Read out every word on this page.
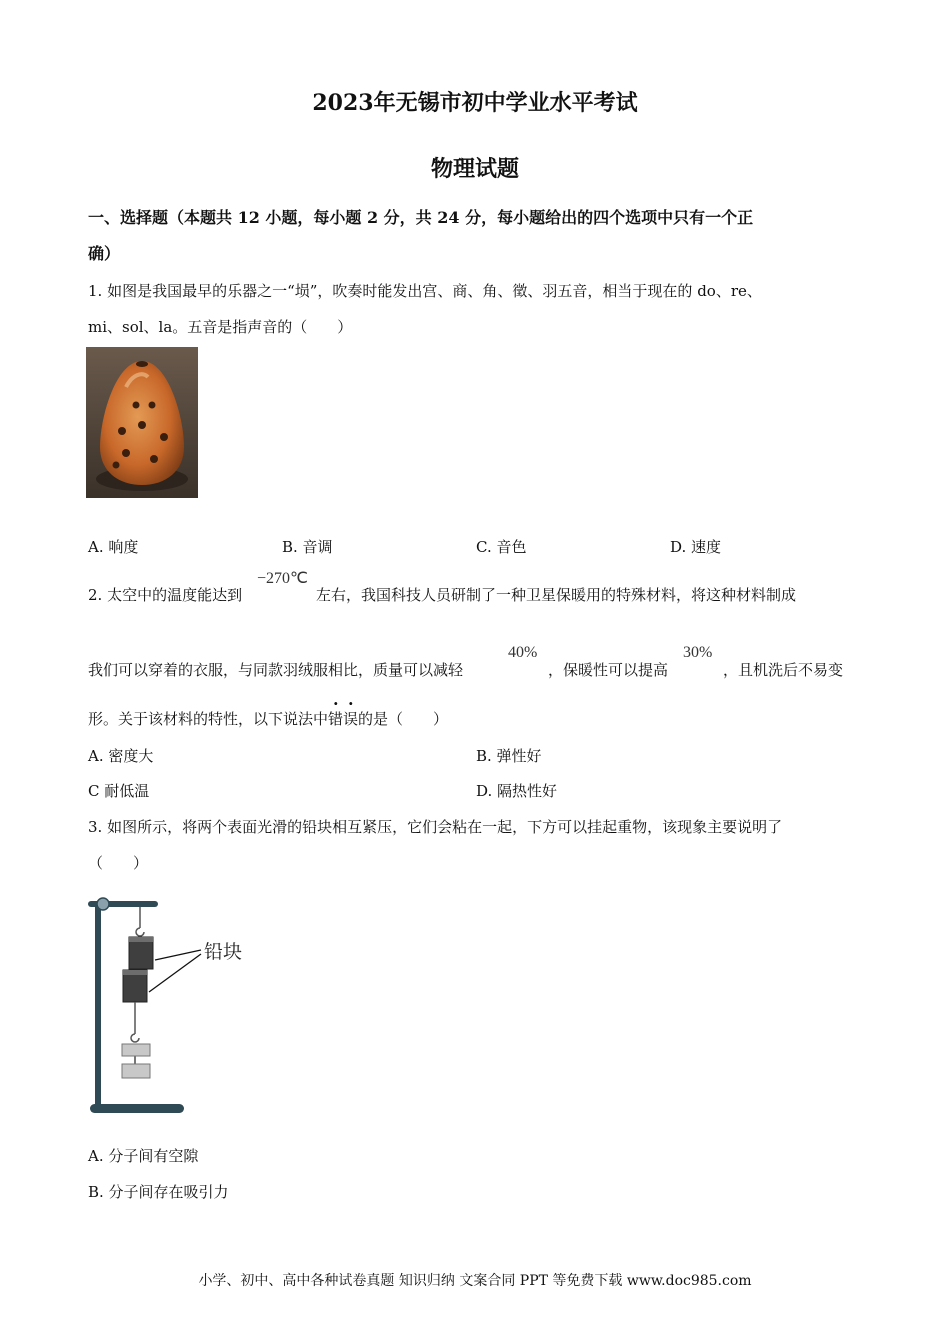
2023年无锡市初中学业水平考试
物理试题
一、选择题（本题共 12 小题，每小题 2 分，共 24 分，每小题给出的四个选项中只有一个正
确）
1. 如图是我国最早的乐器之一“埙”，吹奏时能发出宫、商、角、徵、羽五音，相当于现在的 do、re、
mi、sol、la。五音是指声音的（　　）
A. 响度	B. 音调	C. 音色	D. 速度
2. 太空中的温度能达到
−270℃
左右，我国科技人员研制了一种卫星保暖用的特殊材料，将这种材料制成
我们可以穿着的衣服，与同款羽绒服相比，质量可以减轻
40%
，保暖性可以提高
30%
，且机洗后不易变
形。关于该材料的特性，以下说法中错误的是（　　）
A. 密度大	B. 弹性好
C 耐低温	D. 隔热性好
3. 如图所示，将两个表面光滑的铅块相互紧压，它们会粘在一起，下方可以挂起重物，该现象主要说明了
（　　）
铅块
A. 分子间有空隙
B. 分子间存在吸引力
小学、初中、高中各种试卷真题 知识归纳 文案合同 PPT 等免费下载 www.doc985.com
